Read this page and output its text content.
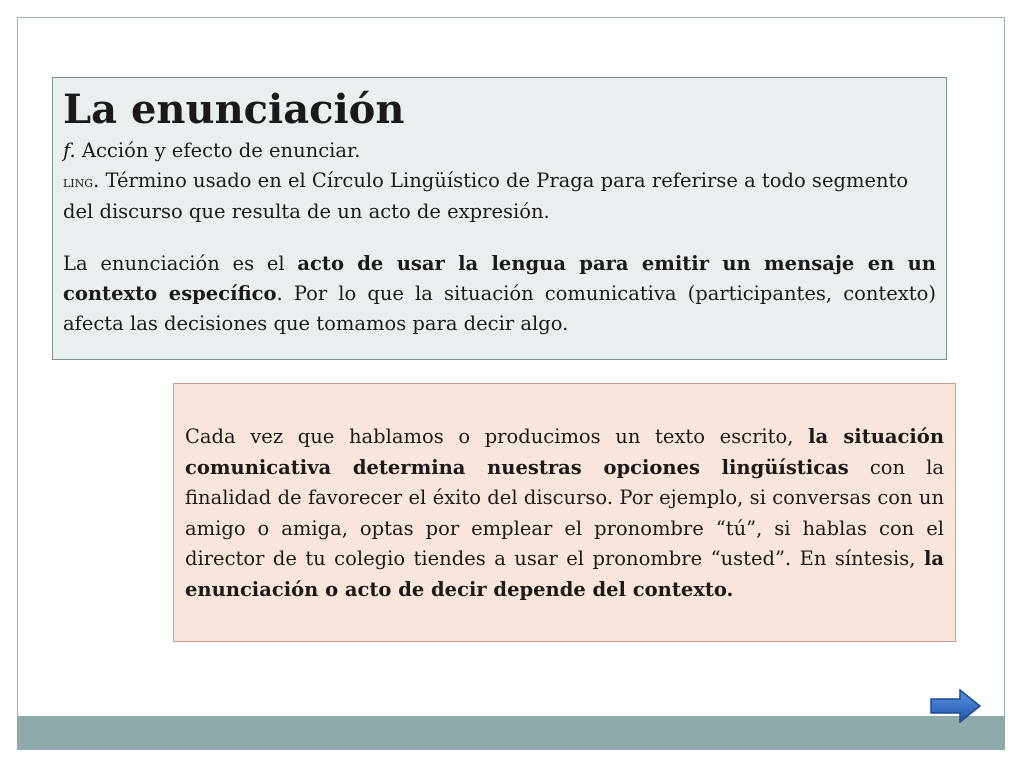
La enunciación

f. Acción y efecto de enunciar.

ling. Término usado en el Círculo Lingüístico de Praga para referirse a todo segmento del discurso que resulta de un acto de expresión.

La enunciación es el acto de usar la lengua para emitir un mensaje en un contexto específico. Por lo que la situación comunicativa (participantes, contexto) afecta las decisiones que tomamos para decir algo.

Cada vez que hablamos o producimos un texto escrito, la situación comunicativa determina nuestras opciones lingüísticas con la finalidad de favorecer el éxito del discurso. Por ejemplo, si conversas con un amigo o amiga, optas por emplear el pronombre “tú”, si hablas con el director de tu colegio tiendes a usar el pronombre “usted”. En síntesis, la enunciación o acto de decir depende del contexto.
